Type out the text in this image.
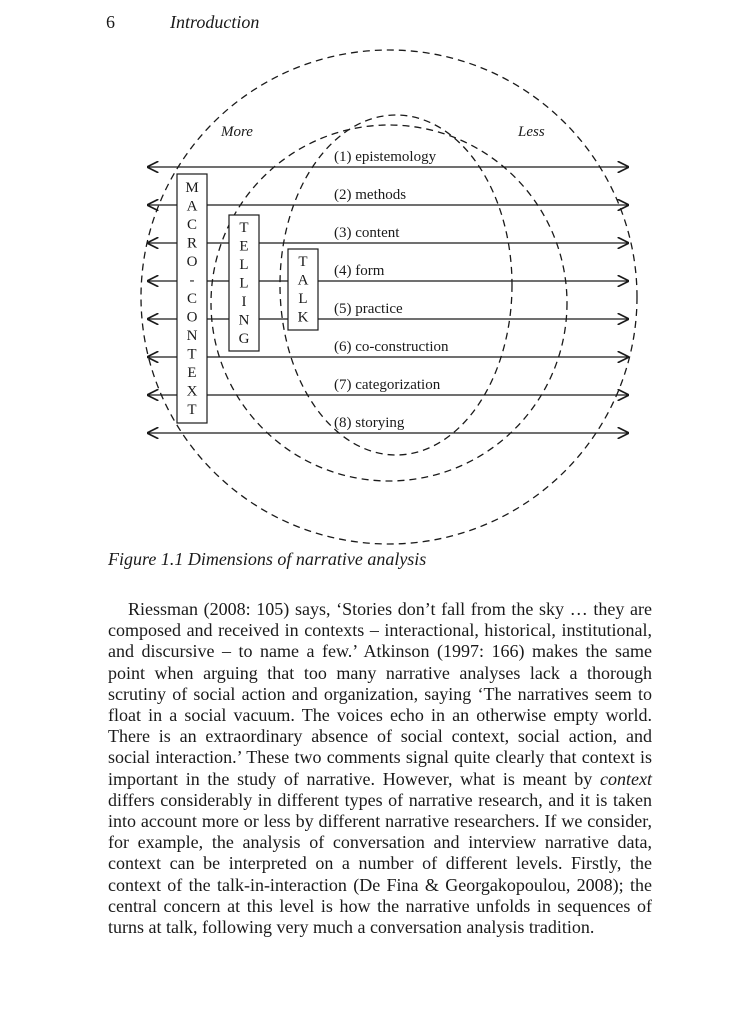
6	Introduction
More	Less
(1) epistemology
(2) methods
(3) content
(4) form
(5) practice
(6) co-construction
(7) categorization
(8) storying
M
A
C
R
O
-
C
O
N
T
E
X
T
T
E
L
L
I
N
G
T
A
L
K
Figure 1.1 Dimensions of narrative analysis

Riessman (2008: 105) says, ‘Stories don’t fall from the sky … they are composed and received in contexts – interactional, historical, institutional, and discursive – to name a few.’ Atkinson (1997: 166) makes the same point when arguing that too many narrative analyses lack a thorough scrutiny of social action and organization, saying ‘The narratives seem to float in a social vacuum. The voices echo in an otherwise empty world. There is an extraordinary absence of social context, social action, and social interaction.’ These two comments signal quite clearly that context is important in the study of narrative. However, what is meant by context differs considerably in different types of narrative research, and it is taken into account more or less by different narrative researchers. If we consider, for example, the analysis of conversation and interview narrative data, context can be interpreted on a number of different levels. Firstly, the context of the talk-in-interaction (De Fina & Georgakopoulou, 2008); the central concern at this level is how the narrative unfolds in sequences of turns at talk, following very much a conversation analysis tradition.
